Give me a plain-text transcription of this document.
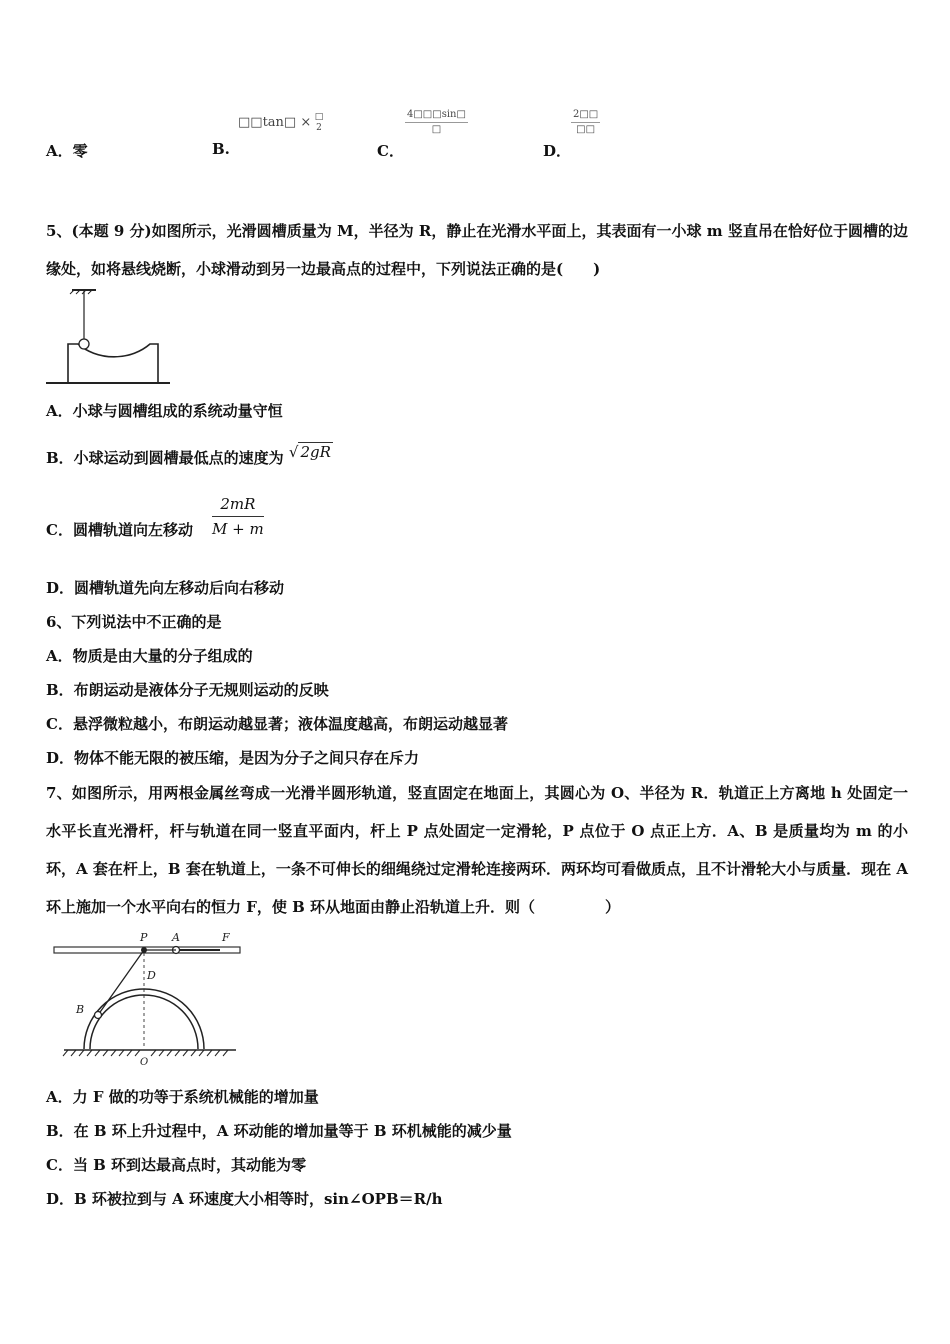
A．零
□□tan□ × □
2
B.
4□□□sin□
□
C．
2□□
□□
D．
5、(本题 9 分)如图所示，光滑圆槽质量为 M，半径为 R，静止在光滑水平面上，其表面有一小球 m 竖直吊在恰好位于圆槽的边缘处，如将悬线烧断，小球滑动到另一边最高点的过程中，下列说法正确的是(　　)
A．小球与圆槽组成的系统动量守恒
B．小球运动到圆槽最低点的速度为 √ 2gR
C．圆槽轨道向左移动 $\frac{2mR}{M + m}$
D．圆槽轨道先向左移动后向右移动
6、下列说法中不正确的是
A．物质是由大量的分子组成的
B．布朗运动是液体分子无规则运动的反映
C．悬浮微粒越小，布朗运动越显著；液体温度越高，布朗运动越显著
D．物体不能无限的被压缩，是因为分子之间只存在斥力
7、如图所示，用两根金属丝弯成一光滑半圆形轨道，竖直固定在地面上，其圆心为 O、半径为 R．轨道正上方离地 h 处固定一水平长直光滑杆，杆与轨道在同一竖直平面内，杆上 P 点处固定一定滑轮，P 点位于 O 点正上方．A、B 是质量均为 m 的小环，A 套在杆上，B 套在轨道上，一条不可伸长的细绳绕过定滑轮连接两环．两环均可看做质点，且不计滑轮大小与质量．现在 A 环上施加一个水平向右的恒力 F，使 B 环从地面由静止沿轨道上升．则（	）
P A	F
D
B
O
A．力 F 做的功等于系统机械能的增加量
B．在 B 环上升过程中，A 环动能的增加量等于 B 环机械能的减少量
C．当 B 环到达最高点时，其动能为零
D．B 环被拉到与 A 环速度大小相等时，sin∠OPB＝R/h
